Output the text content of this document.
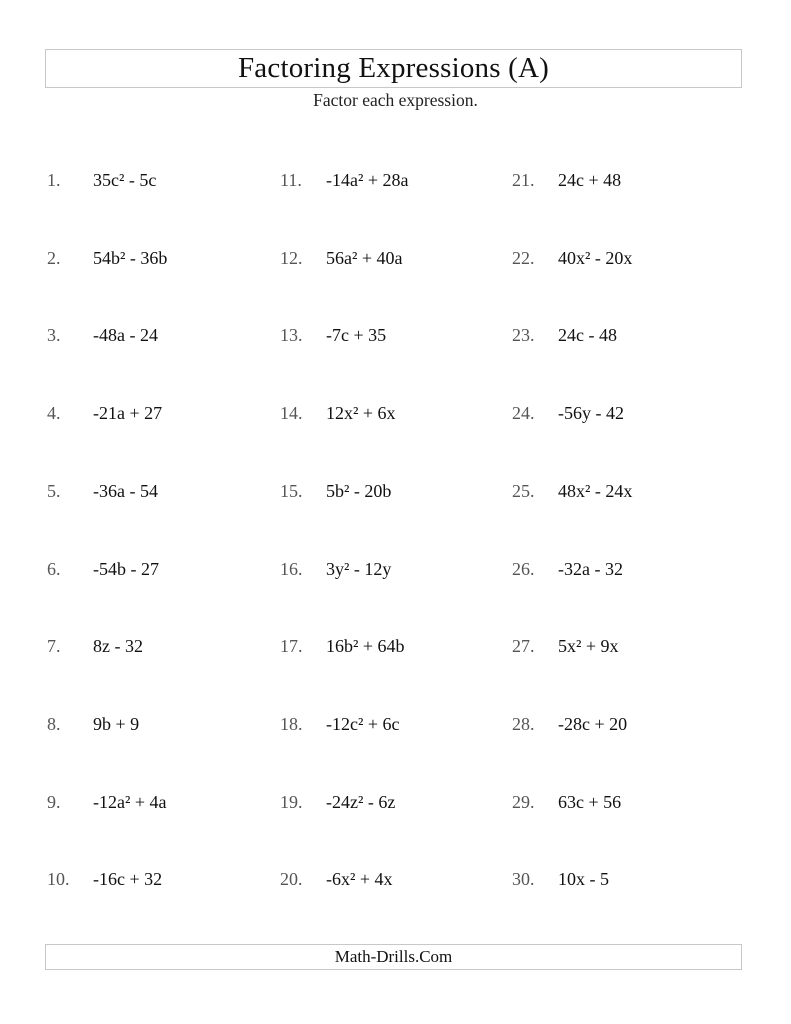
Factoring Expressions (A)
Factor each expression.
1. 35c² - 5c
2. 54b² - 36b
3. -48a - 24
4. -21a + 27
5. -36a - 54
6. -54b - 27
7. 8z - 32
8. 9b + 9
9. -12a² + 4a
10. -16c + 32
11. -14a² + 28a
12. 56a² + 40a
13. -7c + 35
14. 12x² + 6x
15. 5b² - 20b
16. 3y² - 12y
17. 16b² + 64b
18. -12c² + 6c
19. -24z² - 6z
20. -6x² + 4x
21. 24c + 48
22. 40x² - 20x
23. 24c - 48
24. -56y - 42
25. 48x² - 24x
26. -32a - 32
27. 5x² + 9x
28. -28c + 20
29. 63c + 56
30. 10x - 5
Math-Drills.Com
